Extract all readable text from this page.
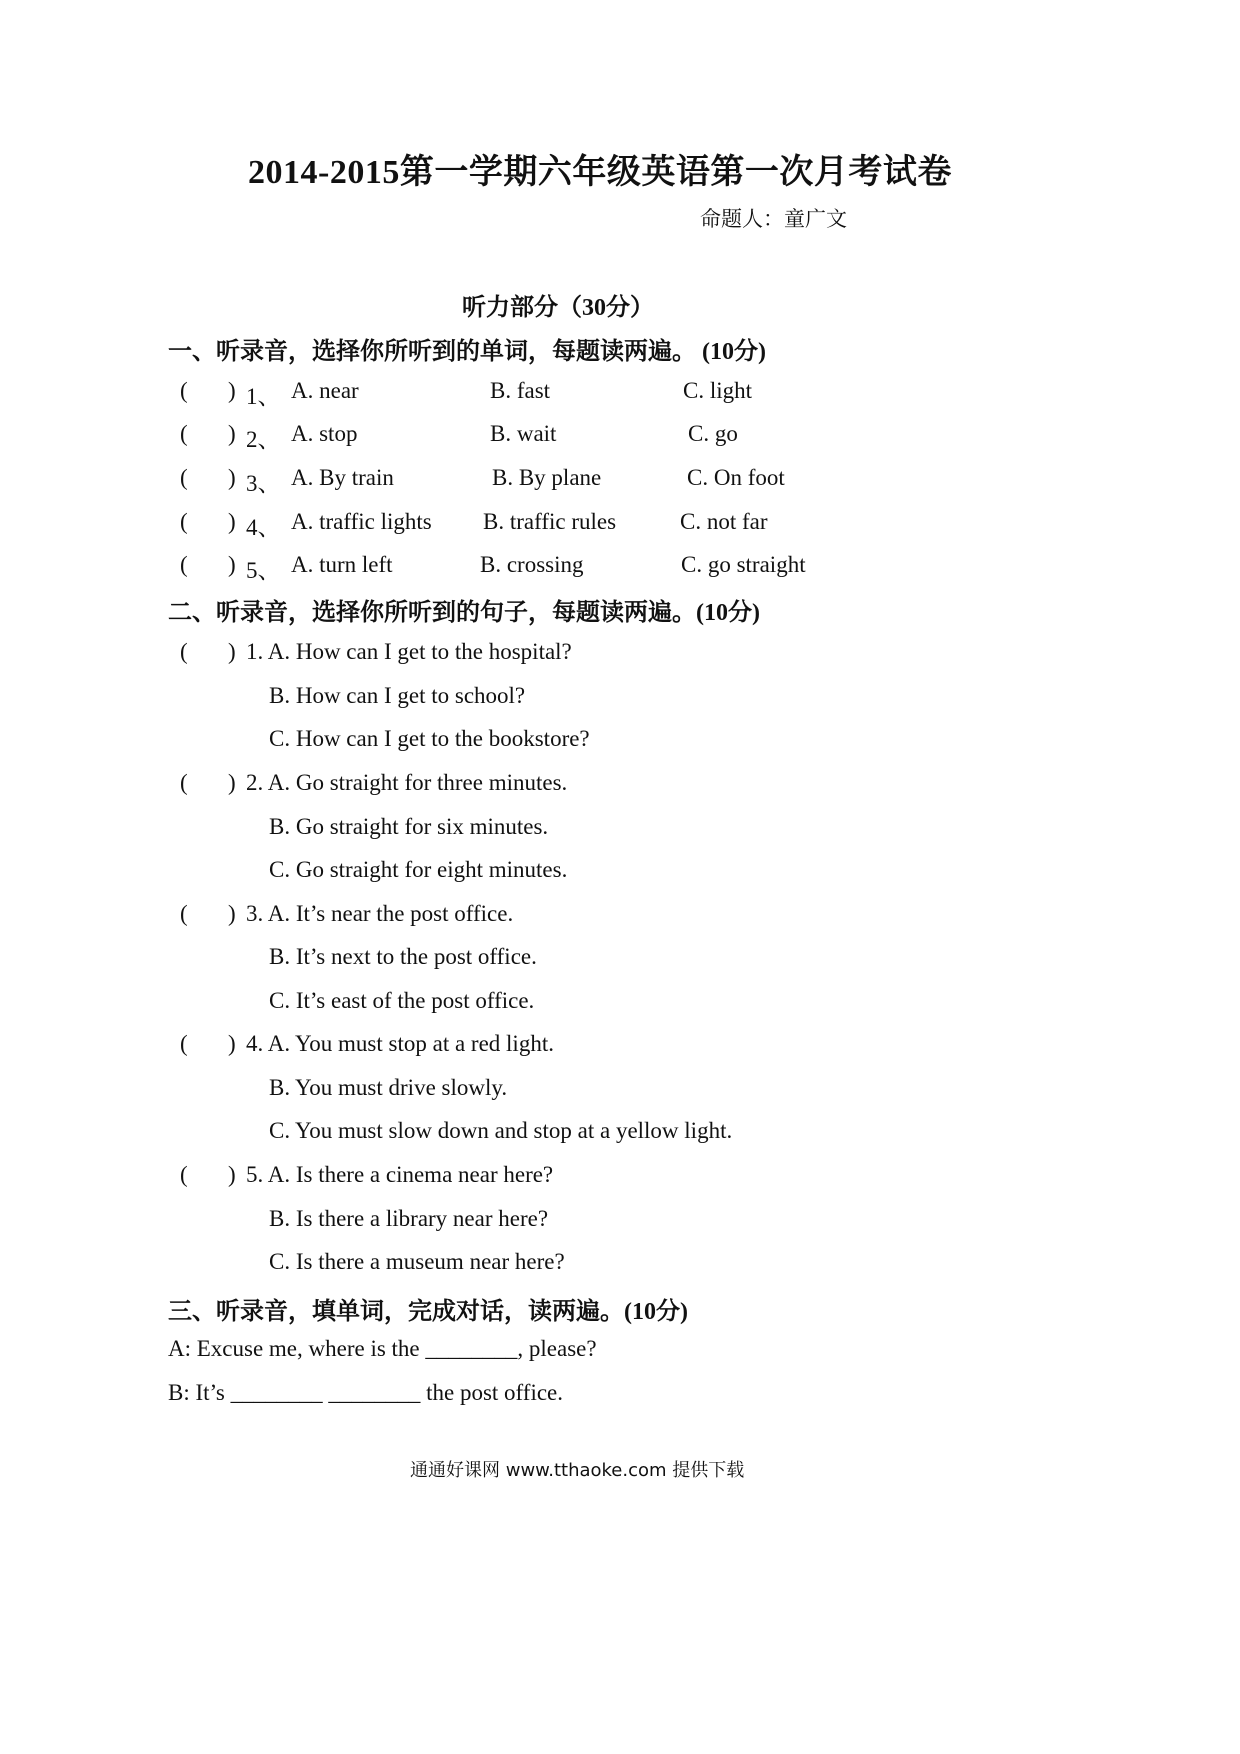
2014-2015第一学期六年级英语第一次月考试卷
命题人：童广文
听力部分（30分）
一、听录音，选择你所听到的单词，每题读两遍。 (10分)
( ) 1、 A. near	B. fast	C. light
( ) 2、 A. stop	B. wait	C. go
( ) 3、 A. By train	B. By plane	C. On foot
( ) 4、 A. traffic lights B. traffic rules	C. not far
( ) 5、 A. turn left	B. crossing	C. go straight
二、听录音，选择你所听到的句子，每题读两遍。(10分)
( ) 1. A. How can I get to the hospital?
B. How can I get to school?
C. How can I get to the bookstore?
( ) 2. A. Go straight for three minutes.
B. Go straight for six minutes.
C. Go straight for eight minutes.
( ) 3. A. It’s near the post office.
B. It’s next to the post office.
C. It’s east of the post office.
( ) 4. A. You must stop at a red light.
B. You must drive slowly.
C. You must slow down and stop at a yellow light.
( ) 5. A. Is there a cinema near here?
B. Is there a library near here?
C. Is there a museum near here?
三、听录音，填单词，完成对话，读两遍。(10分)
A: Excuse me, where is the ________, please?
B: It’s ________ ________ the post office.
通通好课网 www.tthaoke.com 提供下载
